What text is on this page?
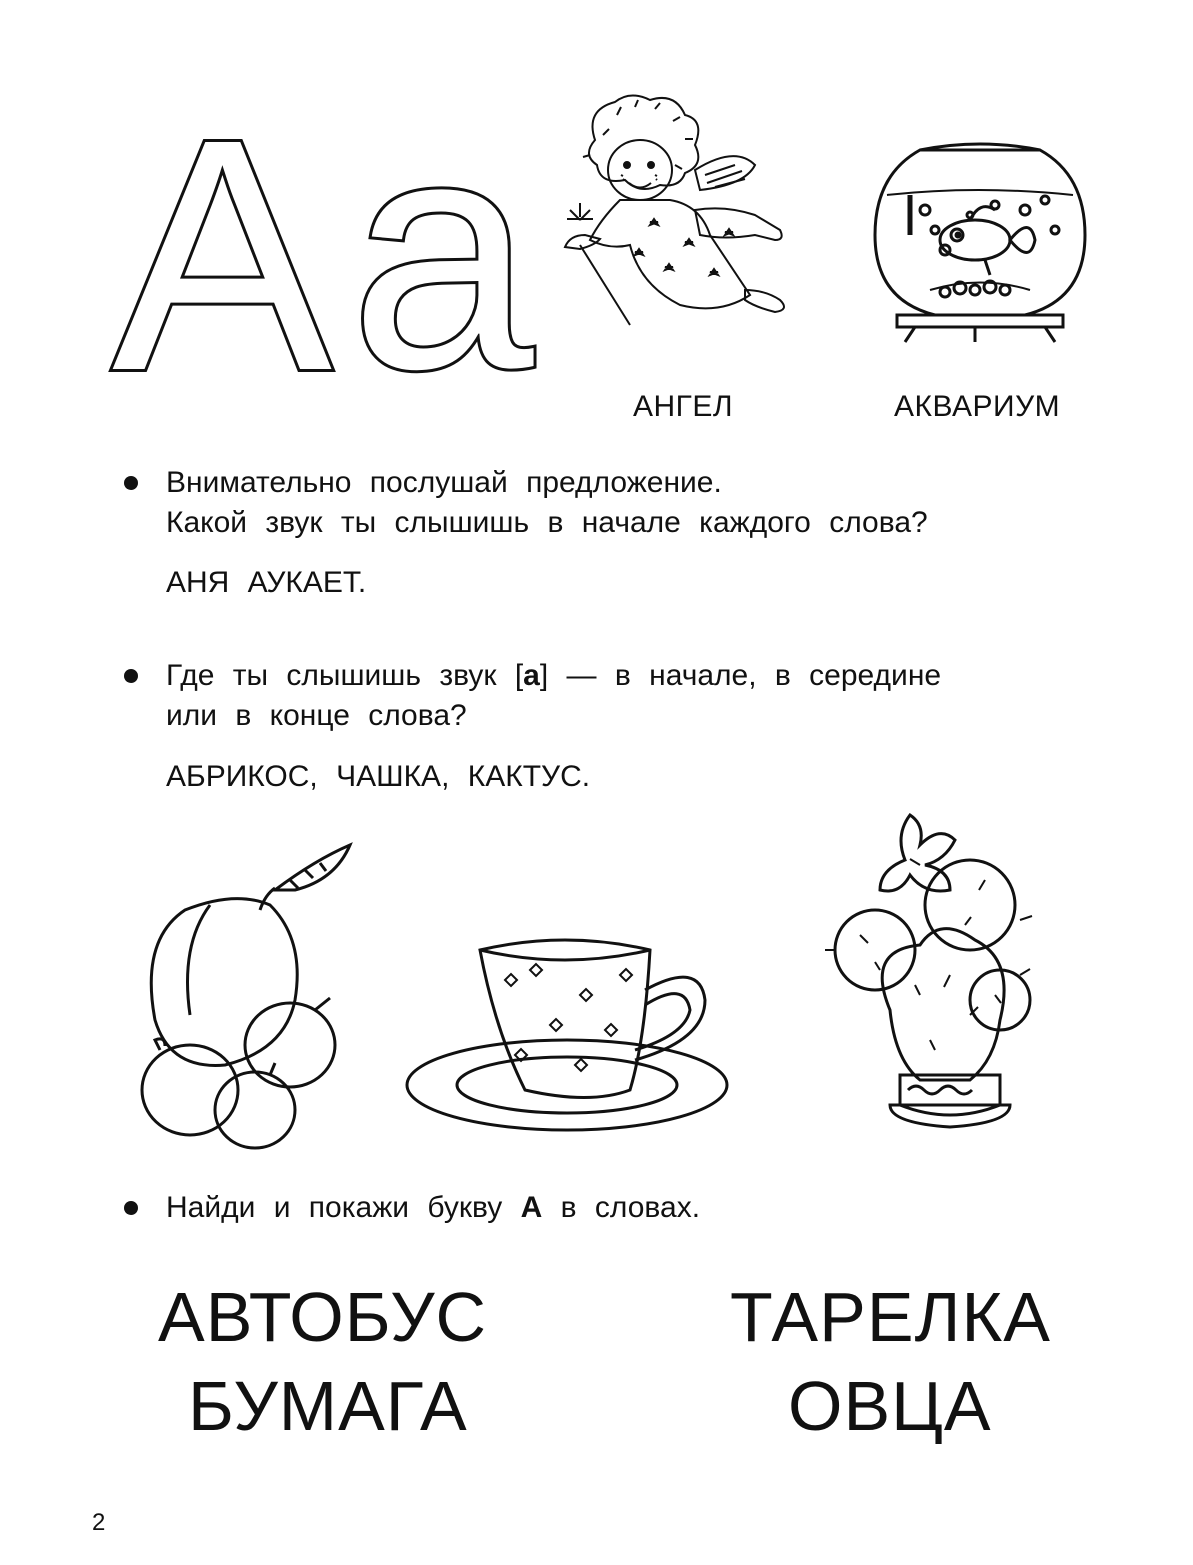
А а	АНГЕЛ	АКВАРИУМ
Внимательно послушай предложение.
Какой звук ты слышишь в начале каждого слова?
АНЯ АУКАЕТ.
Где ты слышишь звук [а] — в начале, в середине
или в конце слова?
АБРИКОС, ЧАШКА, КАКТУС.
Найди и покажи букву А в словах.
АВТОБУС
БУМАГА
ТАРЕЛКА
ОВЦА
2
